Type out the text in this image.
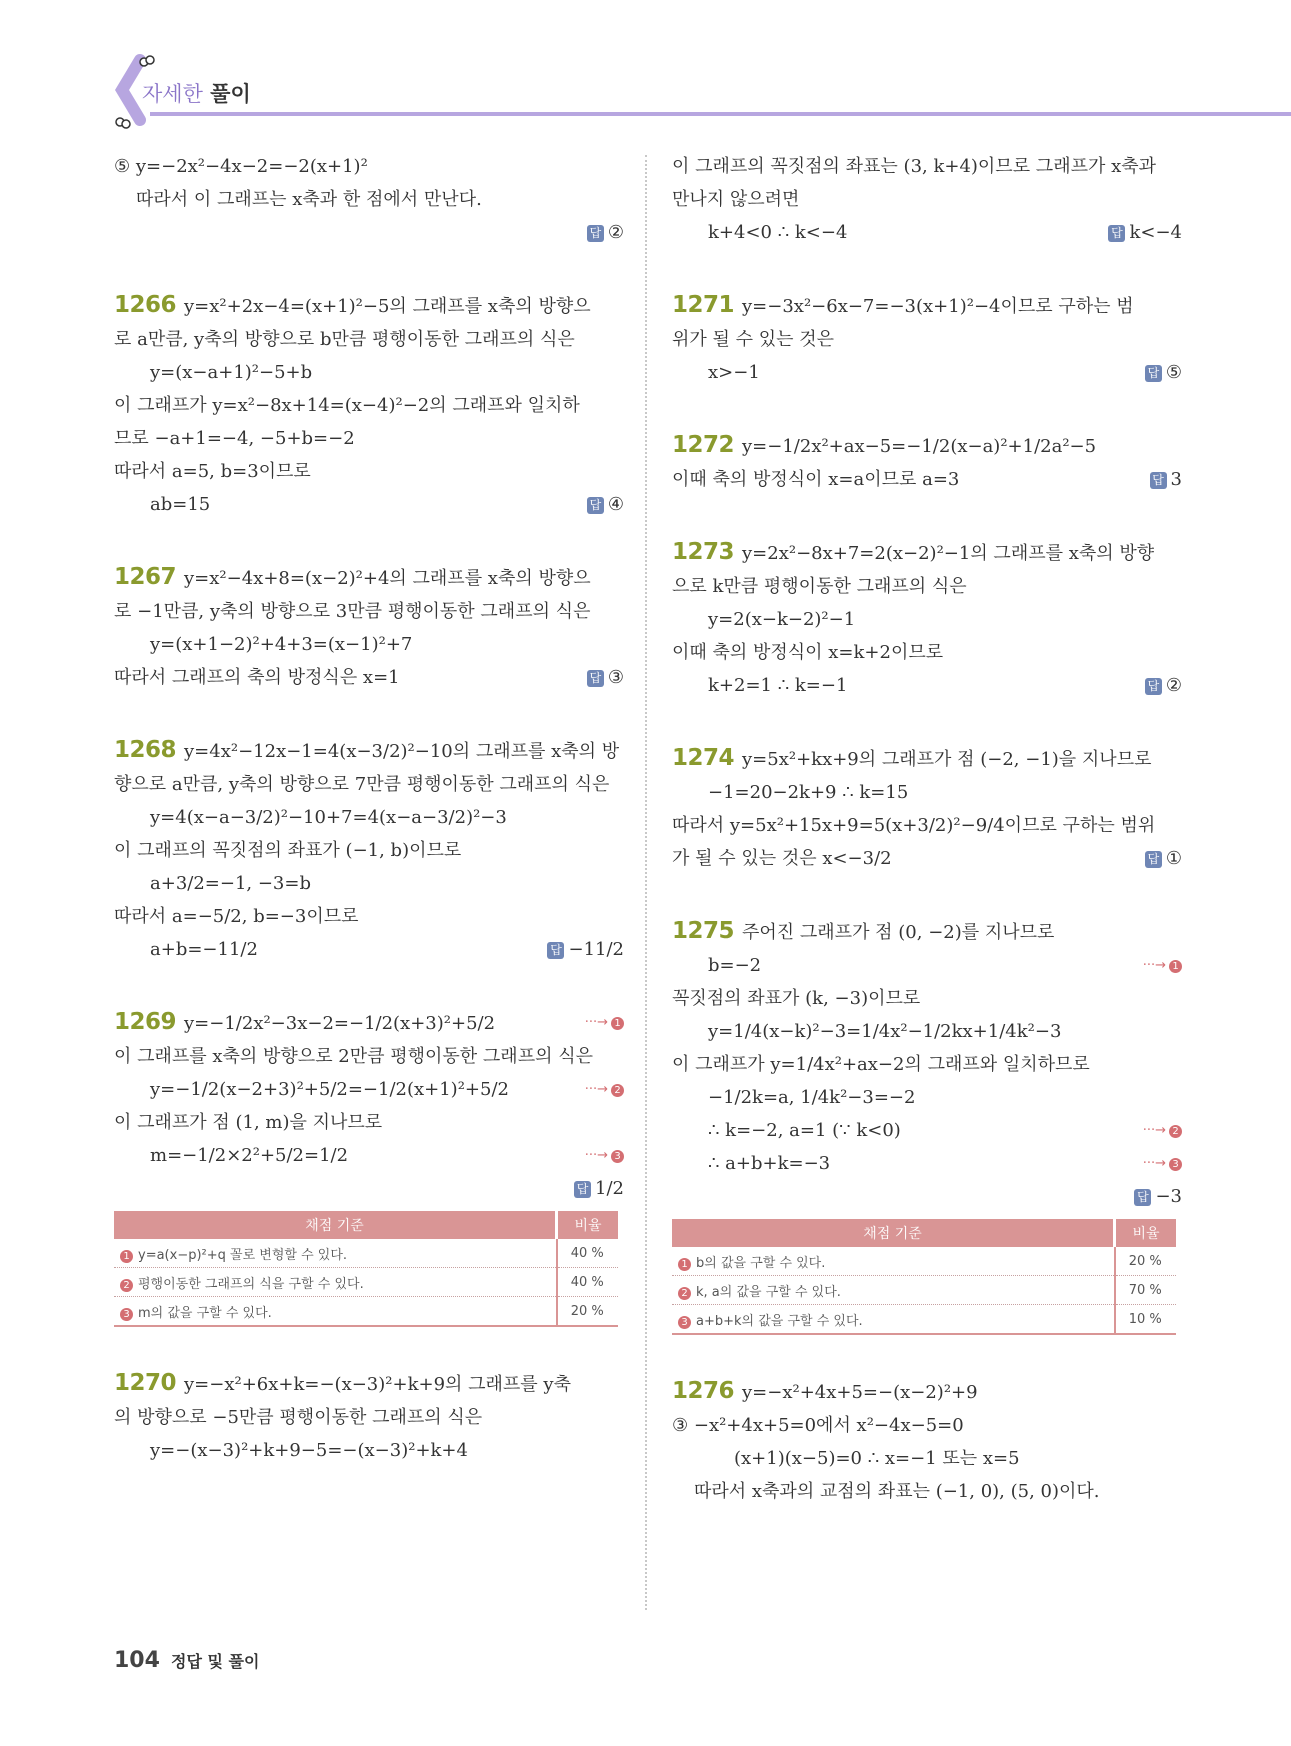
자세한 풀이
⑤ y=−2x²−4x−2=−2(x+1)²
따라서 이 그래프는 x축과 한 점에서 만난다.
답 ②
1266 y=x²+2x−4=(x+1)²−5의 그래프를 x축의 방향으
로 a만큼, y축의 방향으로 b만큼 평행이동한 그래프의 식은
y=(x−a+1)²−5+b
이 그래프가 y=x²−8x+14=(x−4)²−2의 그래프와 일치하
므로 −a+1=−4, −5+b=−2
따라서 a=5, b=3이므로
ab=15	답 ④
1267 y=x²−4x+8=(x−2)²+4의 그래프를 x축의 방향으
로 −1만큼, y축의 방향으로 3만큼 평행이동한 그래프의 식은
y=(x+1−2)²+4+3=(x−1)²+7
따라서 그래프의 축의 방정식은 x=1	답 ③
1268 y=4x²−12x−1=4(x−3/2)²−10의 그래프를 x축의 방
향으로 a만큼, y축의 방향으로 7만큼 평행이동한 그래프의 식은
y=4(x−a−3/2)²−10+7=4(x−a−3/2)²−3
이 그래프의 꼭짓점의 좌표가 (−1, b)이므로
a+3/2=−1, −3=b
따라서 a=−5/2, b=−3이므로
a+b=−11/2	답 −11/2
1269 y=−1/2x²−3x−2=−1/2(x+3)²+5/2	···→ 1
이 그래프를 x축의 방향으로 2만큼 평행이동한 그래프의 식은
y=−1/2(x−2+3)²+5/2=−1/2(x+1)²+5/2	···→ 2
이 그래프가 점 (1, m)을 지나므로
m=−1/2×2²+5/2=1/2	···→ 3
답 1/2
채점 기준	비율
1 y=a(x−p)²+q 꼴로 변형할 수 있다.	40 %
2 평행이동한 그래프의 식을 구할 수 있다.	40 %
3 m의 값을 구할 수 있다.	20 %
1270 y=−x²+6x+k=−(x−3)²+k+9의 그래프를 y축
의 방향으로 −5만큼 평행이동한 그래프의 식은
y=−(x−3)²+k+9−5=−(x−3)²+k+4
이 그래프의 꼭짓점의 좌표는 (3, k+4)이므로 그래프가 x축과
만나지 않으려면
k+4<0 ∴ k<−4	답 k<−4
1271 y=−3x²−6x−7=−3(x+1)²−4이므로 구하는 범
위가 될 수 있는 것은
x>−1	답 ⑤
1272 y=−1/2x²+ax−5=−1/2(x−a)²+1/2a²−5
이때 축의 방정식이 x=a이므로 a=3	답 3
1273 y=2x²−8x+7=2(x−2)²−1의 그래프를 x축의 방향
으로 k만큼 평행이동한 그래프의 식은
y=2(x−k−2)²−1
이때 축의 방정식이 x=k+2이므로
k+2=1 ∴ k=−1	답 ②
1274 y=5x²+kx+9의 그래프가 점 (−2, −1)을 지나므로
−1=20−2k+9 ∴ k=15
따라서 y=5x²+15x+9=5(x+3/2)²−9/4이므로 구하는 범위
가 될 수 있는 것은 x<−3/2	답 ①
1275 주어진 그래프가 점 (0, −2)를 지나므로
b=−2	···→ 1
꼭짓점의 좌표가 (k, −3)이므로
y=1/4(x−k)²−3=1/4x²−1/2kx+1/4k²−3
이 그래프가 y=1/4x²+ax−2의 그래프와 일치하므로
−1/2k=a, 1/4k²−3=−2
∴ k=−2, a=1 (∵ k<0)	···→ 2
∴ a+b+k=−3	···→ 3
답 −3
채점 기준	비율
1 b의 값을 구할 수 있다.	20 %
2 k, a의 값을 구할 수 있다.	70 %
3 a+b+k의 값을 구할 수 있다.	10 %
1276 y=−x²+4x+5=−(x−2)²+9
③ −x²+4x+5=0에서 x²−4x−5=0
(x+1)(x−5)=0 ∴ x=−1 또는 x=5
따라서 x축과의 교점의 좌표는 (−1, 0), (5, 0)이다.
104 정답 및 풀이
